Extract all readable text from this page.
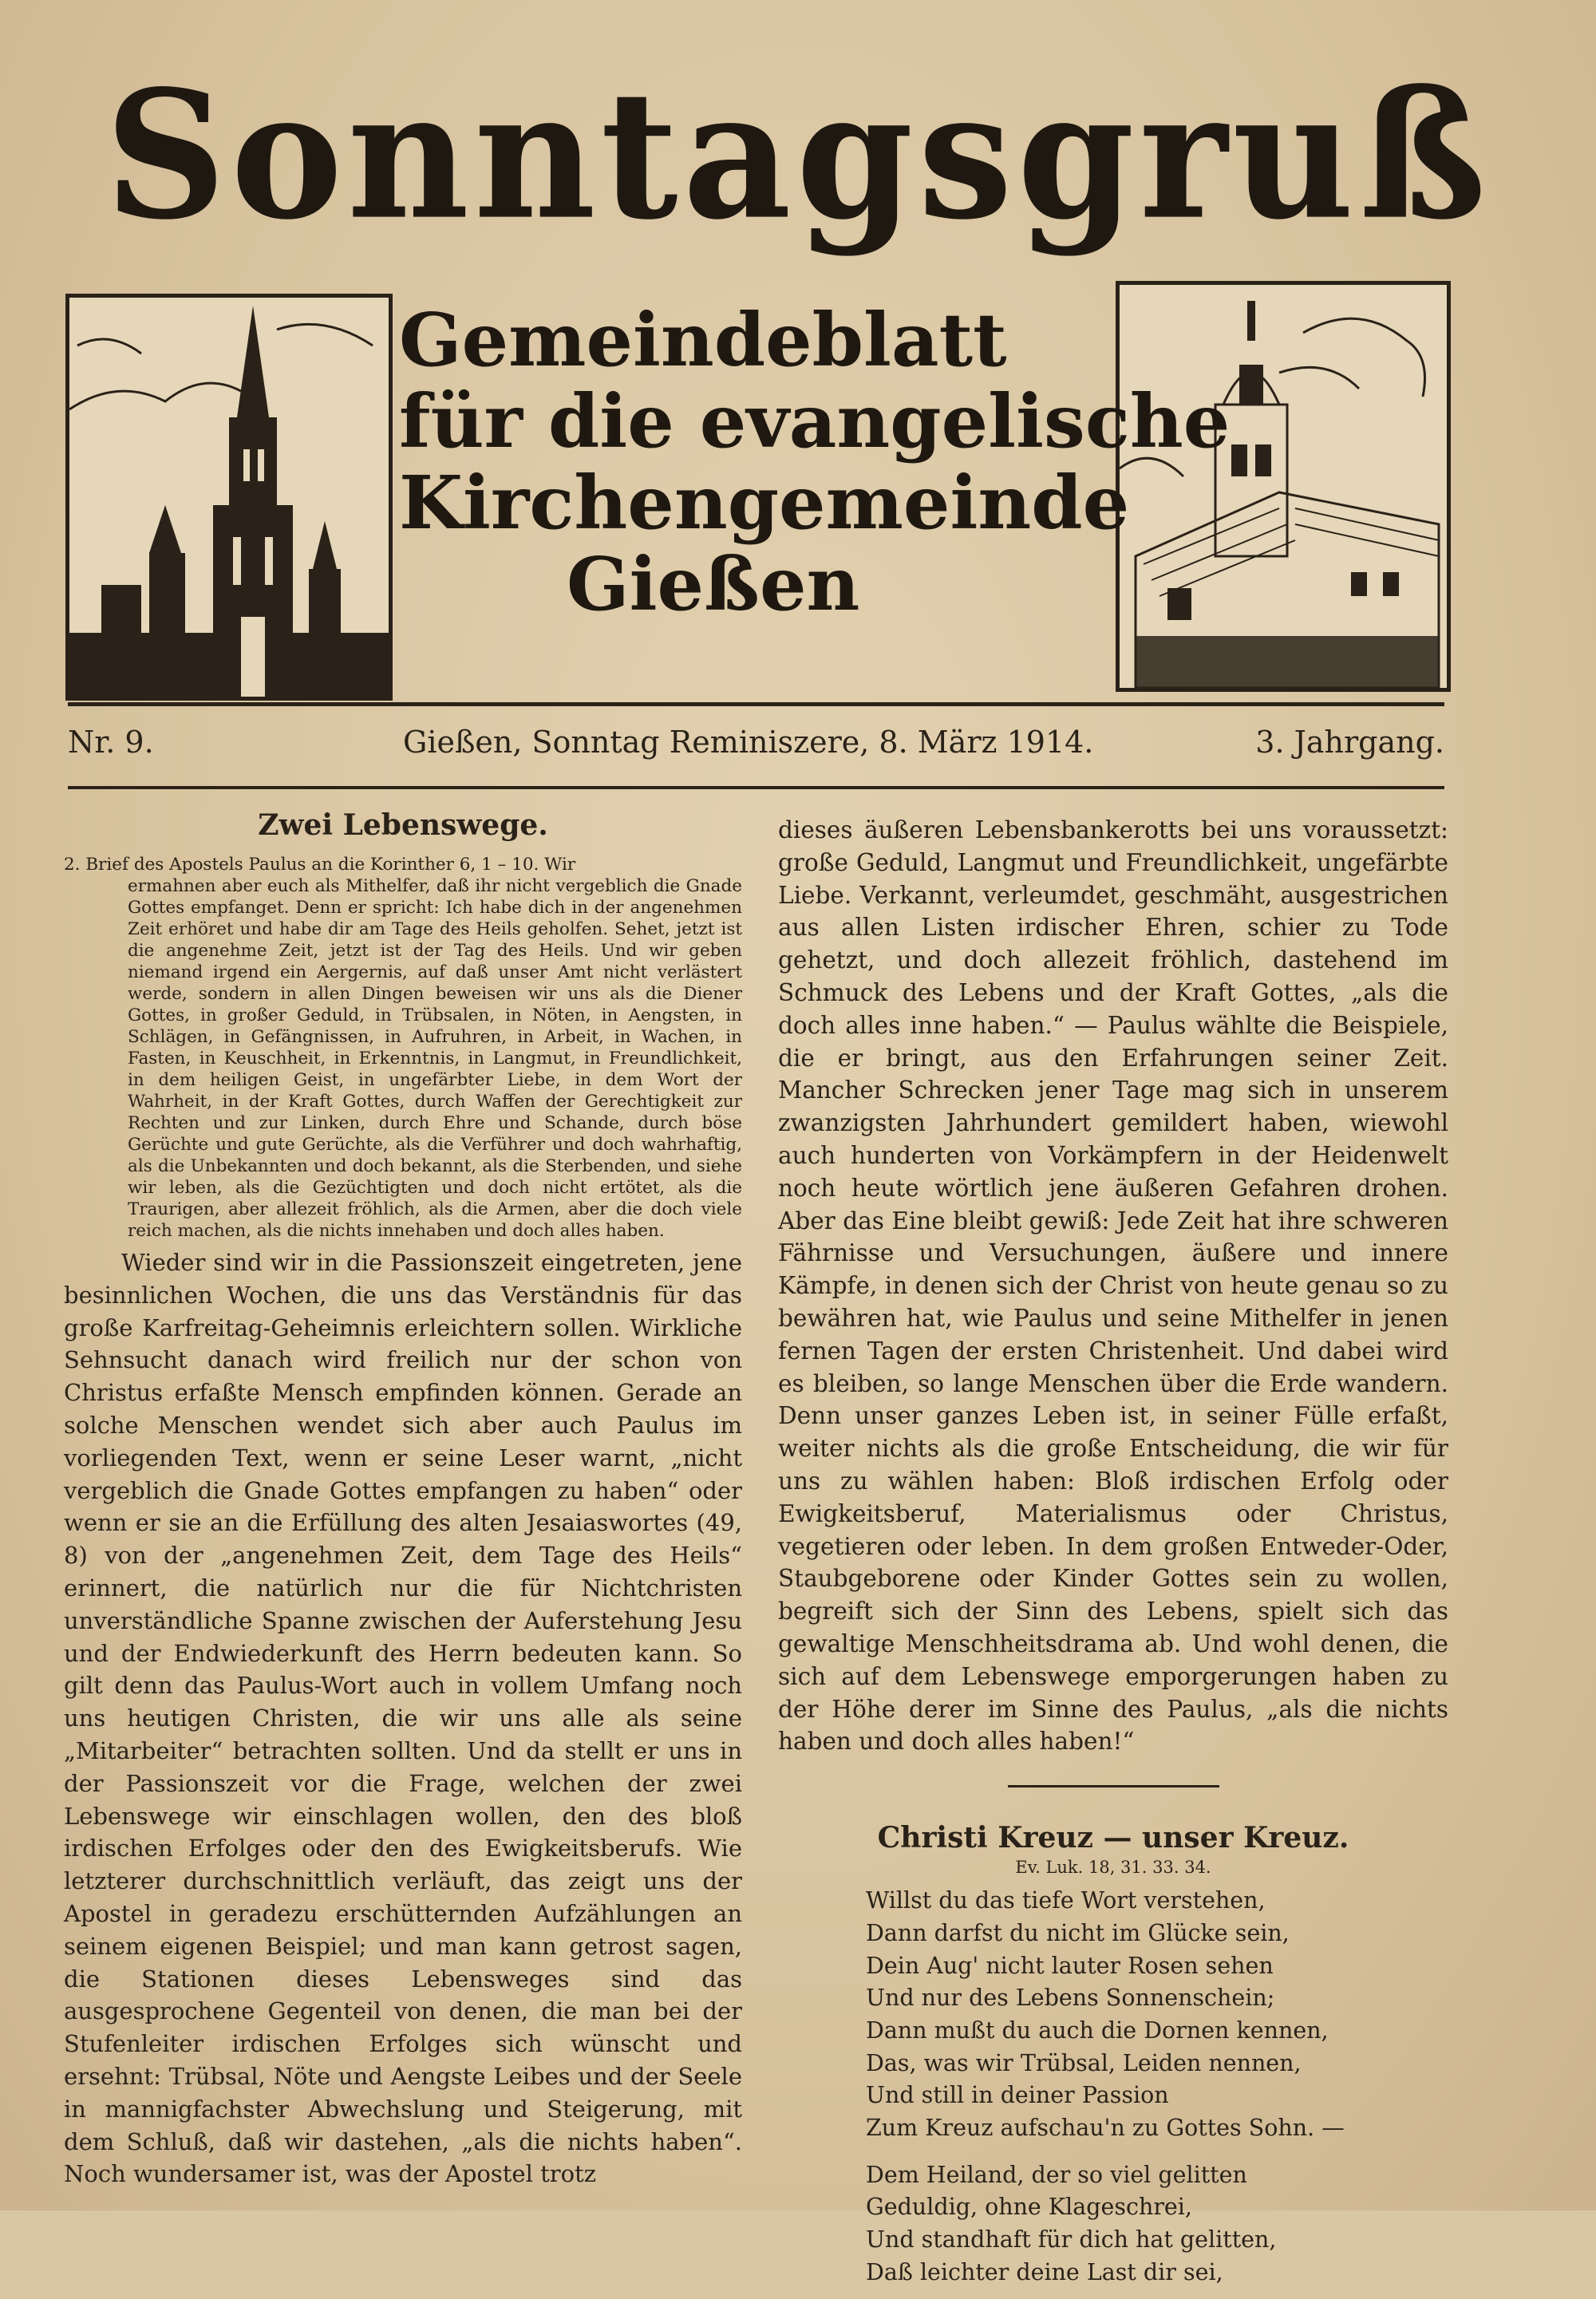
Sonntagsgruß
Gemeindeblatt
für die evangelische
Kirchengemeinde
Gießen
Nr. 9.	Gießen, Sonntag Reminiszere, 8. März 1914.	3. Jahrgang.
Zwei Lebenswege.
2. Brief des Apostels Paulus an die Korinther 6, 1 – 10. Wir
ermahnen aber euch als Mithelfer, daß ihr nicht vergeblich die Gnade Gottes empfanget. Denn er spricht: Ich habe dich in der angenehmen Zeit erhöret und habe dir am Tage des Heils geholfen. Sehet, jetzt ist die angenehme Zeit, jetzt ist der Tag des Heils. Und wir geben niemand irgend ein Aergernis, auf daß unser Amt nicht verlästert werde, sondern in allen Dingen beweisen wir uns als die Diener Gottes, in großer Geduld, in Trübsalen, in Nöten, in Aengsten, in Schlägen, in Gefängnissen, in Aufruhren, in Arbeit, in Wachen, in Fasten, in Keuschheit, in Erkenntnis, in Langmut, in Freundlichkeit, in dem heiligen Geist, in ungefärbter Liebe, in dem Wort der Wahrheit, in der Kraft Gottes, durch Waffen der Gerechtigkeit zur Rechten und zur Linken, durch Ehre und Schande, durch böse Gerüchte und gute Gerüchte, als die Verführer und doch wahrhaftig, als die Unbekannten und doch bekannt, als die Sterbenden, und siehe wir leben, als die Gezüchtigten und doch nicht ertötet, als die Traurigen, aber allezeit fröhlich, als die Armen, aber die doch viele reich machen, als die nichts innehaben und doch alles haben.

Wieder sind wir in die Passionszeit eingetreten, jene besinnlichen Wochen, die uns das Verständnis für das große Karfreitag-Geheimnis erleichtern sollen. Wirkliche Sehnsucht danach wird freilich nur der schon von Christus erfaßte Mensch empfinden können. Gerade an solche Menschen wendet sich aber auch Paulus im vorliegenden Text, wenn er seine Leser warnt, „nicht vergeblich die Gnade Gottes empfangen zu haben“ oder wenn er sie an die Erfüllung des alten Jesaiaswortes (49, 8) von der „angenehmen Zeit, dem Tage des Heils“ erinnert, die natürlich nur die für Nichtchristen unverständliche Spanne zwischen der Auferstehung Jesu und der Endwiederkunft des Herrn bedeuten kann. So gilt denn das Paulus-Wort auch in vollem Umfang noch uns heutigen Christen, die wir uns alle als seine „Mitarbeiter“ betrachten sollten. Und da stellt er uns in der Passionszeit vor die Frage, welchen der zwei Lebenswege wir einschlagen wollen, den des bloß irdischen Erfolges oder den des Ewigkeitsberufs. Wie letzterer durchschnittlich verläuft, das zeigt uns der Apostel in geradezu erschütternden Aufzählungen an seinem eigenen Beispiel; und man kann getrost sagen, die Stationen dieses Lebensweges sind das ausgesprochene Gegenteil von denen, die man bei der Stufenleiter irdischen Erfolges sich wünscht und ersehnt: Trübsal, Nöte und Aengste Leibes und der Seele in mannigfachster Abwechslung und Steigerung, mit dem Schluß, daß wir dastehen, „als die nichts haben“. Noch wundersamer ist, was der Apostel trotz

dieses äußeren Lebensbankerotts bei uns voraussetzt: große Geduld, Langmut und Freundlichkeit, ungefärbte Liebe. Verkannt, verleumdet, geschmäht, ausgestrichen aus allen Listen irdischer Ehren, schier zu Tode gehetzt, und doch allezeit fröhlich, dastehend im Schmuck des Lebens und der Kraft Gottes, „als die doch alles inne haben.“ — Paulus wählte die Beispiele, die er bringt, aus den Erfahrungen seiner Zeit. Mancher Schrecken jener Tage mag sich in unserem zwanzigsten Jahrhundert gemildert haben, wiewohl auch hunderten von Vorkämpfern in der Heidenwelt noch heute wörtlich jene äußeren Gefahren drohen. Aber das Eine bleibt gewiß: Jede Zeit hat ihre schweren Fährnisse und Versuchungen, äußere und innere Kämpfe, in denen sich der Christ von heute genau so zu bewähren hat, wie Paulus und seine Mithelfer in jenen fernen Tagen der ersten Christenheit. Und dabei wird es bleiben, so lange Menschen über die Erde wandern. Denn unser ganzes Leben ist, in seiner Fülle erfaßt, weiter nichts als die große Entscheidung, die wir für uns zu wählen haben: Bloß irdischen Erfolg oder Ewigkeitsberuf, Materialismus oder Christus, vegetieren oder leben. In dem großen Entweder-Oder, Staubgeborene oder Kinder Gottes sein zu wollen, begreift sich der Sinn des Lebens, spielt sich das gewaltige Menschheitsdrama ab. Und wohl denen, die sich auf dem Lebenswege emporgerungen haben zu der Höhe derer im Sinne des Paulus, „als die nichts haben und doch alles haben!“

Christi Kreuz — unser Kreuz.
Ev. Luk. 18, 31. 33. 34.
Willst du das tiefe Wort verstehen,
Dann darfst du nicht im Glücke sein,
Dein Aug' nicht lauter Rosen sehen
Und nur des Lebens Sonnenschein;
Dann mußt du auch die Dornen kennen,
Das, was wir Trübsal, Leiden nennen,
Und still in deiner Passion
Zum Kreuz aufschau'n zu Gottes Sohn. —
Dem Heiland, der so viel gelitten
Geduldig, ohne Klageschrei,
Und standhaft für dich hat gelitten,
Daß leichter deine Last dir sei,
